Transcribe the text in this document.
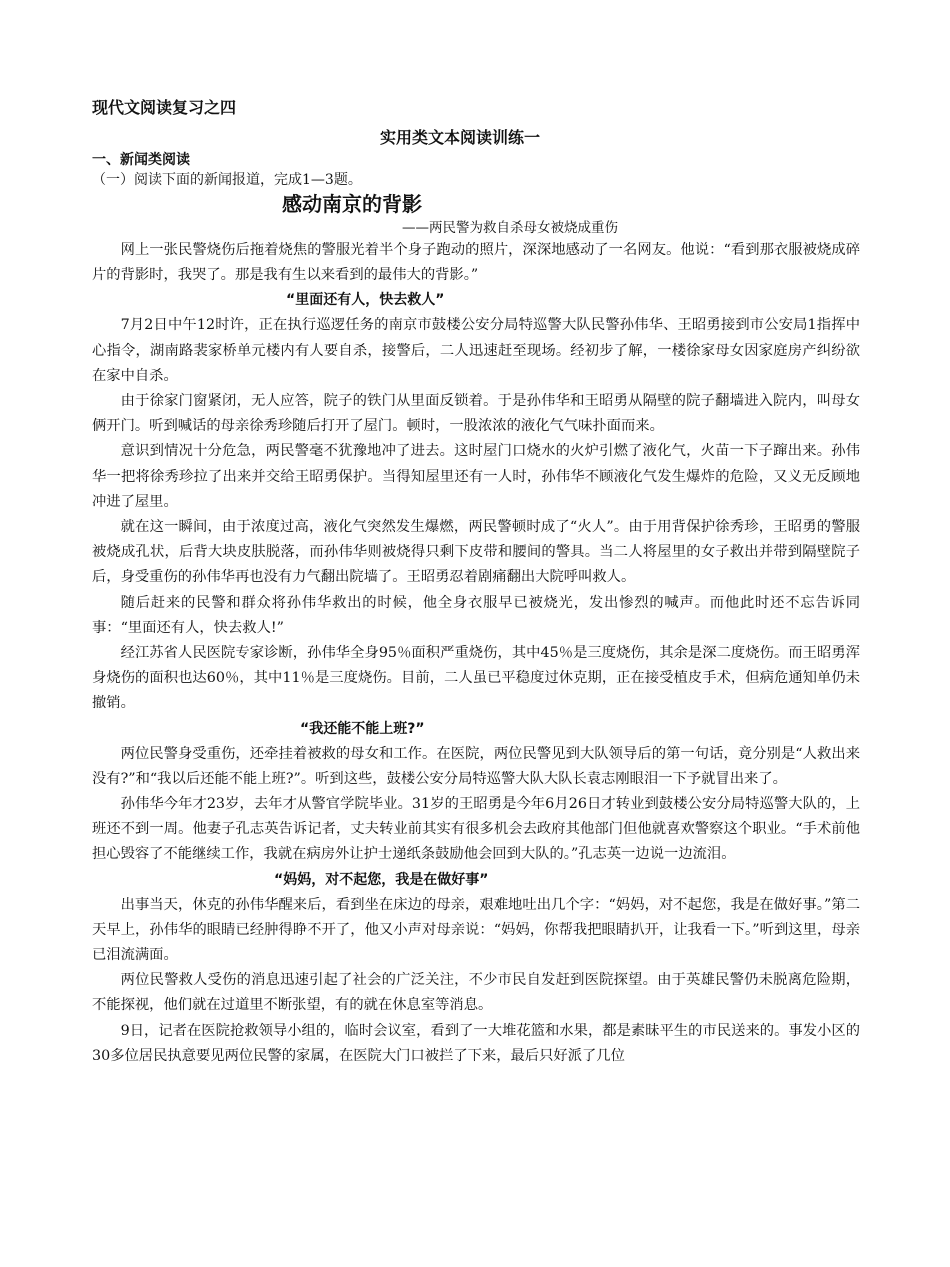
现代文阅读复习之四

实用类文本阅读训练一

一、新闻类阅读

（一）阅读下面的新闻报道，完成1—3题。

感动南京的背影

——两民警为救自杀母女被烧成重伤

网上一张民警烧伤后拖着烧焦的警服光着半个身子跑动的照片，深深地感动了一名网友。他说：“看到那衣服被烧成碎片的背影时，我哭了。那是我有生以来看到的最伟大的背影。”

“里面还有人，快去救人”

7月2日中午12时许，正在执行巡逻任务的南京市鼓楼公安分局特巡警大队民警孙伟华、王昭勇接到市公安局1指挥中心指令，湖南路裴家桥单元楼内有人要自杀，接警后，二人迅速赶至现场。经初步了解，一楼徐家母女因家庭房产纠纷欲在家中自杀。

由于徐家门窗紧闭，无人应答，院子的铁门从里面反锁着。于是孙伟华和王昭勇从隔壁的院子翻墙进入院内，叫母女俩开门。听到喊话的母亲徐秀珍随后打开了屋门。顿时，一股浓浓的液化气气味扑面而来。

意识到情况十分危急，两民警毫不犹豫地冲了进去。这时屋门口烧水的火炉引燃了液化气，火苗一下子蹿出来。孙伟华一把将徐秀珍拉了出来并交给王昭勇保护。当得知屋里还有一人时，孙伟华不顾液化气发生爆炸的危险，又义无反顾地冲进了屋里。

就在这一瞬间，由于浓度过高，液化气突然发生爆燃，两民警顿时成了“火人”。由于用背保护徐秀珍，王昭勇的警服被烧成孔状，后背大块皮肤脱落，而孙伟华则被烧得只剩下皮带和腰间的警具。当二人将屋里的女子救出并带到隔壁院子后，身受重伤的孙伟华再也没有力气翻出院墙了。王昭勇忍着剧痛翻出大院呼叫救人。

随后赶来的民警和群众将孙伟华救出的时候，他全身衣服早已被烧光，发出惨烈的喊声。而他此时还不忘告诉同事：“里面还有人，快去救人!”

经江苏省人民医院专家诊断，孙伟华全身95％面积严重烧伤，其中45％是三度烧伤，其余是深二度烧伤。而王昭勇浑身烧伤的面积也达60％，其中11％是三度烧伤。目前，二人虽已平稳度过休克期，正在接受植皮手术，但病危通知单仍未撤销。

“我还能不能上班?”

两位民警身受重伤，还牵挂着被救的母女和工作。在医院，两位民警见到大队领导后的第一句话，竟分别是“人救出来没有?”和“我以后还能不能上班?”。听到这些，鼓楼公安分局特巡警大队大队长袁志刚眼泪一下予就冒出来了。

孙伟华今年才23岁，去年才从警官学院毕业。31岁的王昭勇是今年6月26日才转业到鼓楼公安分局特巡警大队的，上班还不到一周。他妻子孔志英告诉记者，丈夫转业前其实有很多机会去政府其他部门但他就喜欢警察这个职业。“手术前他担心毁容了不能继续工作，我就在病房外让护士递纸条鼓励他会回到大队的。”孔志英一边说一边流泪。

“妈妈，对不起您，我是在做好事”

出事当天，休克的孙伟华醒来后，看到坐在床边的母亲，艰难地吐出几个字：“妈妈，对不起您，我是在做好事。”第二天早上，孙伟华的眼睛已经肿得睁不开了，他又小声对母亲说：“妈妈，你帮我把眼睛扒开，让我看一下。”听到这里，母亲已泪流满面。

两位民警救人受伤的消息迅速引起了社会的广泛关注，不少市民自发赶到医院探望。由于英雄民警仍未脱离危险期，不能探视，他们就在过道里不断张望，有的就在休息室等消息。

9日，记者在医院抢救领导小组的，临时会议室，看到了一大堆花篮和水果，都是素昧平生的市民送来的。事发小区的30多位居民执意要见两位民警的家属，在医院大门口被拦了下来，最后只好派了几位
